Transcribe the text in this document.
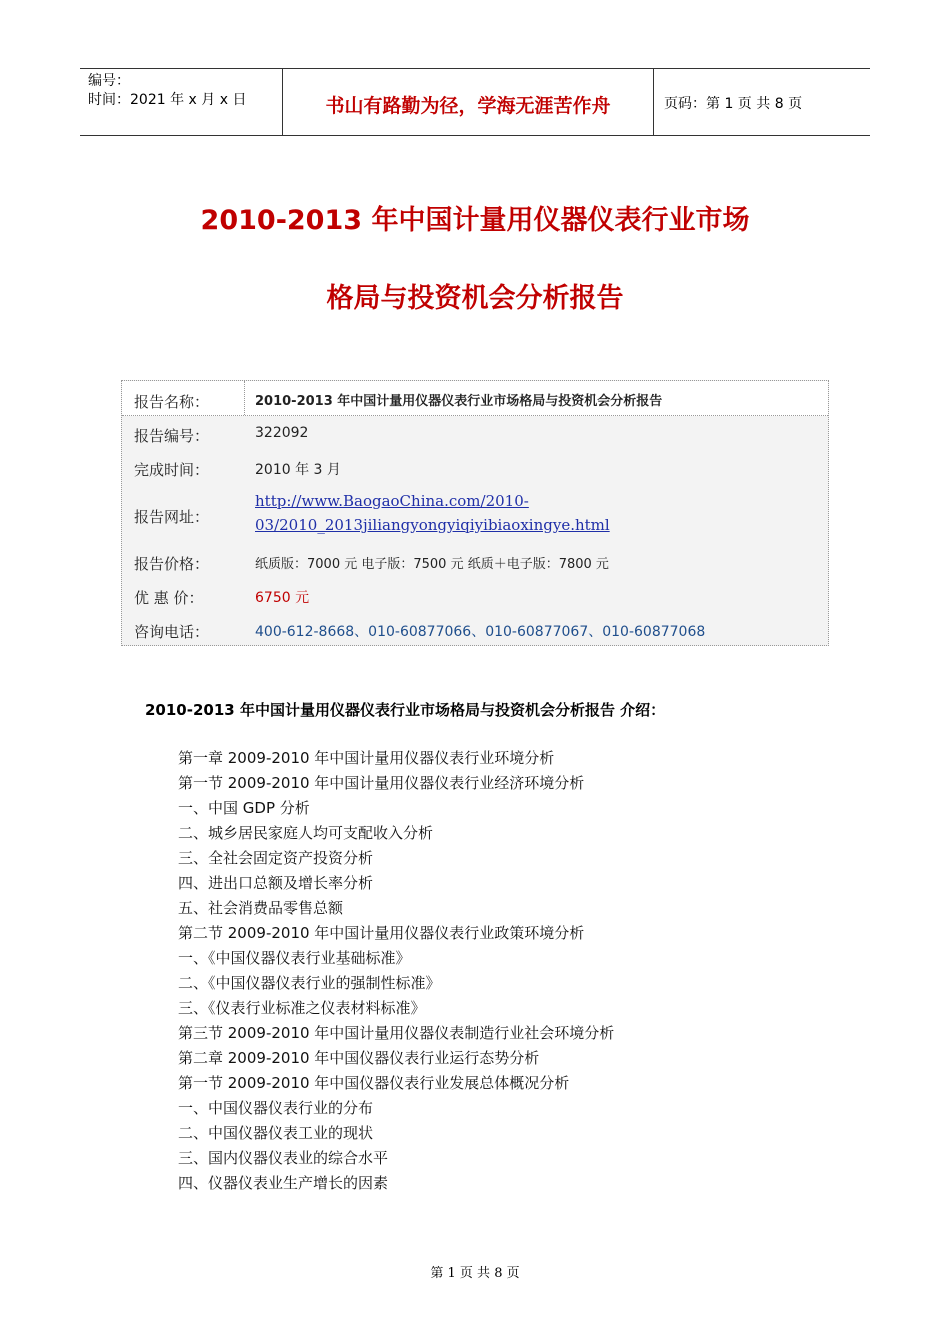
编号：
时间：2021 年 x 月 x 日	书山有路勤为径，学海无涯苦作舟	页码：第 1 页 共 8 页
2010-2013 年中国计量用仪器仪表行业市场
格局与投资机会分析报告
报告名称：	2010-2013 年中国计量用仪器仪表行业市场格局与投资机会分析报告
报告编号：	322092
完成时间：	2010 年 3 月
报告网址：
http://www.BaogaoChina.com/2010-
03/2010_2013jiliangyongyiqiyibiaoxingye.html
报告价格：	纸质版：7000 元 电子版：7500 元 纸质＋电子版：7800 元
优 惠 价：	6750 元
咨询电话：	400-612-8668、010-60877066、010-60877067、010-60877068
2010-2013 年中国计量用仪器仪表行业市场格局与投资机会分析报告 介绍：
第一章 2009-2010 年中国计量用仪器仪表行业环境分析
第一节 2009-2010 年中国计量用仪器仪表行业经济环境分析
一、中国 GDP 分析
二、城乡居民家庭人均可支配收入分析
三、全社会固定资产投资分析
四、进出口总额及增长率分析
五、社会消费品零售总额
第二节 2009-2010 年中国计量用仪器仪表行业政策环境分析
一、《中国仪器仪表行业基础标准》
二、《中国仪器仪表行业的强制性标准》
三、《仪表行业标准之仪表材料标准》
第三节 2009-2010 年中国计量用仪器仪表制造行业社会环境分析
第二章 2009-2010 年中国仪器仪表行业运行态势分析
第一节 2009-2010 年中国仪器仪表行业发展总体概况分析
一、中国仪器仪表行业的分布
二、中国仪器仪表工业的现状
三、国内仪器仪表业的综合水平
四、仪器仪表业生产增长的因素
第 1 页 共 8 页
